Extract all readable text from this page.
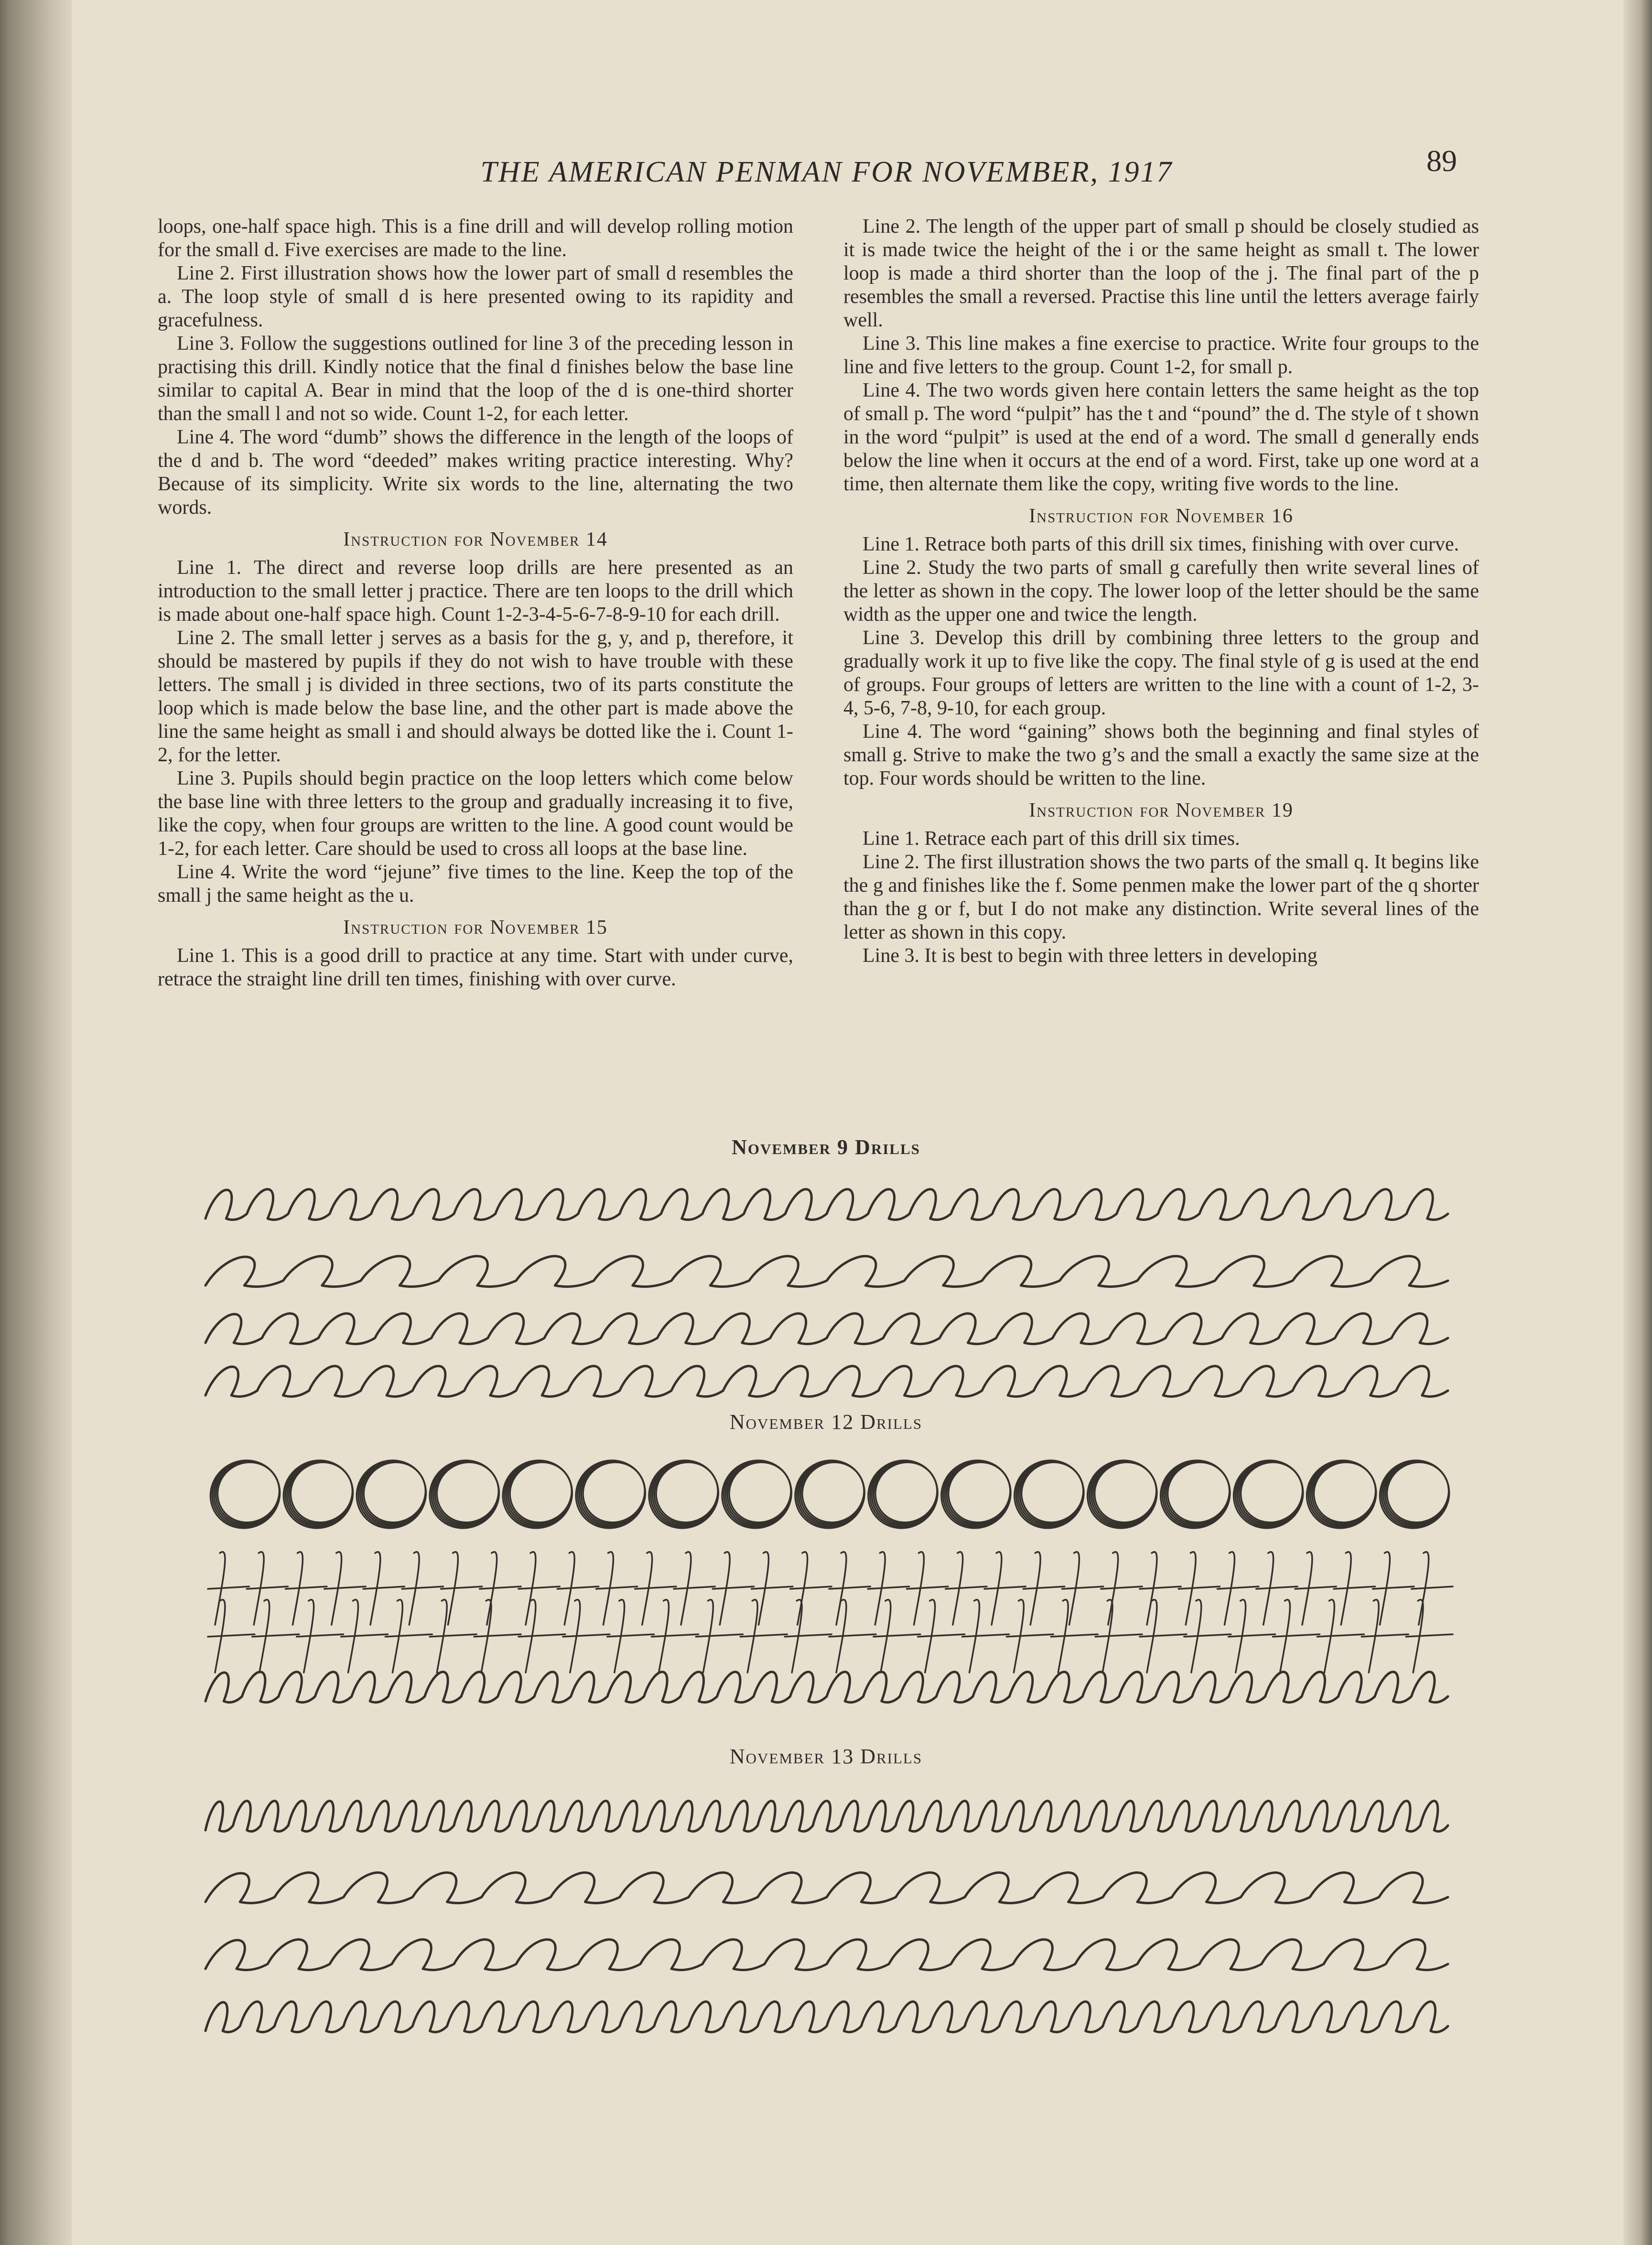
THE AMERICAN PENMAN FOR NOVEMBER, 1917	89

loops, one-half space high. This is a fine drill and will develop rolling motion for the small d. Five exercises are made to the line.

Line 2. First illustration shows how the lower part of small d resembles the a. The loop style of small d is here presented owing to its rapidity and gracefulness.

Line 3. Follow the suggestions outlined for line 3 of the preceding lesson in practising this drill. Kindly notice that the final d finishes below the base line similar to capital A. Bear in mind that the loop of the d is one-third shorter than the small l and not so wide. Count 1-2, for each letter.

Line 4. The word “dumb” shows the difference in the length of the loops of the d and b. The word “deeded” makes writing practice interesting. Why? Because of its simplicity. Write six words to the line, alternating the two words.

Instruction for November 14

Line 1. The direct and reverse loop drills are here presented as an introduction to the small letter j practice. There are ten loops to the drill which is made about one-half space high. Count 1-2-3-4-5-6-7-8-9-10 for each drill.

Line 2. The small letter j serves as a basis for the g, y, and p, therefore, it should be mastered by pupils if they do not wish to have trouble with these letters. The small j is divided in three sections, two of its parts constitute the loop which is made below the base line, and the other part is made above the line the same height as small i and should always be dotted like the i. Count 1-2, for the letter.

Line 3. Pupils should begin practice on the loop letters which come below the base line with three letters to the group and gradually increasing it to five, like the copy, when four groups are written to the line. A good count would be 1-2, for each letter. Care should be used to cross all loops at the base line.

Line 4. Write the word “jejune” five times to the line. Keep the top of the small j the same height as the u.

Instruction for November 15

Line 1. This is a good drill to practice at any time. Start with under curve, retrace the straight line drill ten times, finishing with over curve.

Line 2. The length of the upper part of small p should be closely studied as it is made twice the height of the i or the same height as small t. The lower loop is made a third shorter than the loop of the j. The final part of the p resembles the small a reversed. Practise this line until the letters average fairly well.

Line 3. This line makes a fine exercise to practice. Write four groups to the line and five letters to the group. Count 1-2, for small p.

Line 4. The two words given here contain letters the same height as the top of small p. The word “pulpit” has the t and “pound” the d. The style of t shown in the word “pulpit” is used at the end of a word. The small d generally ends below the line when it occurs at the end of a word. First, take up one word at a time, then alternate them like the copy, writing five words to the line.

Instruction for November 16

Line 1. Retrace both parts of this drill six times, finishing with over curve.

Line 2. Study the two parts of small g carefully then write several lines of the letter as shown in the copy. The lower loop of the letter should be the same width as the upper one and twice the length.

Line 3. Develop this drill by combining three letters to the group and gradually work it up to five like the copy. The final style of g is used at the end of groups. Four groups of letters are written to the line with a count of 1-2, 3-4, 5-6, 7-8, 9-10, for each group.

Line 4. The word “gaining” shows both the beginning and final styles of small g. Strive to make the two g’s and the small a exactly the same size at the top. Four words should be written to the line.

Instruction for November 19

Line 1. Retrace each part of this drill six times.

Line 2. The first illustration shows the two parts of the small q. It begins like the g and finishes like the f. Some penmen make the lower part of the q shorter than the g or f, but I do not make any distinction. Write several lines of the letter as shown in this copy.

Line 3. It is best to begin with three letters in developing

November 9 Drills
November 12 Drills
November 13 Drills
